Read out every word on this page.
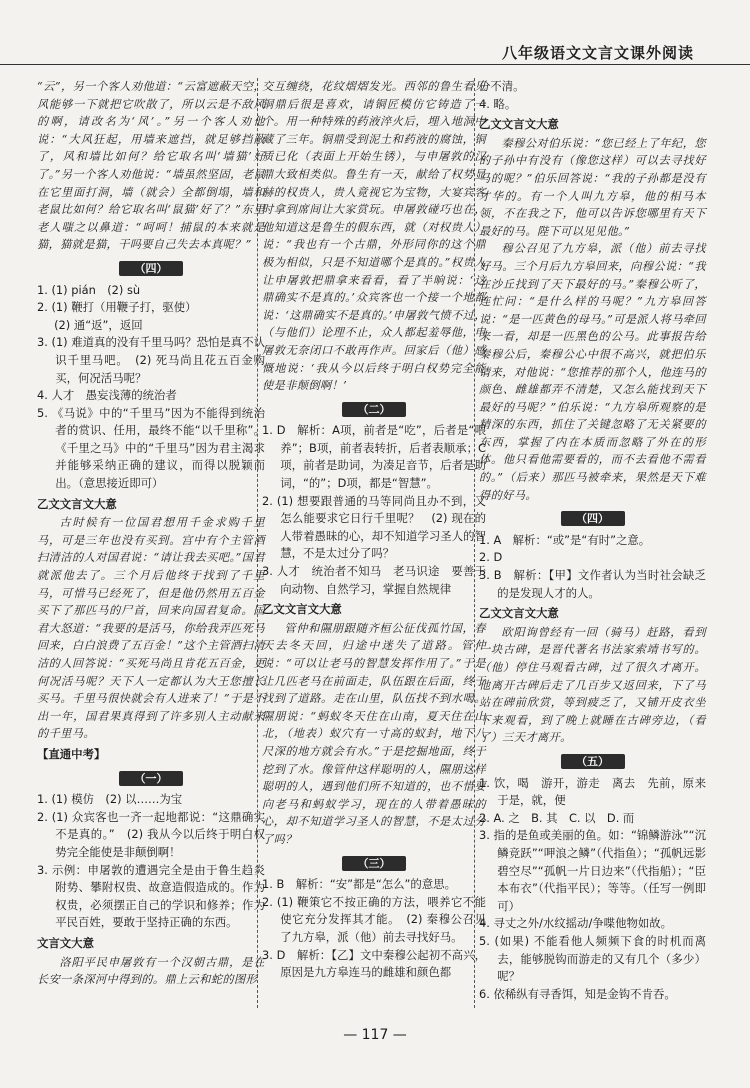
八年级语文文言文课外阅读

“云”，另一个客人劝他道：“云富遮蔽天空，风能够一下就把它吹散了，所以云是不敌风的啊，请改名为‘风’。”另一个客人劝他说：“大风狂起，用墙来遮挡，就足够挡蔽了，风和墙比如何？给它取名叫‘墙猫’好了。”另一个客人劝他说：“墙虽然坚固，老鼠在它里面打洞，墙（就会）全都倒塌，墙和老鼠比如何？给它取名叫‘鼠猫’好了？”东里老人嗤之以鼻道：“呵呵！捕鼠的本来就是猫，猫就是猫，干吗要自己失去本真呢？”

（四）

1. (1) pián　(2) sù

2. (1) 鞭打（用鞭子打，驱使）

(2) 通“返”，返回

3. (1) 难道真的没有千里马吗？恐怕是真不认识千里马吧。　(2) 死马尚且花五百金购买，何况活马呢？

4. 人才　愚妄浅薄的统治者

5. 《马说》中的“千里马”因为不能得到统治者的赏识、任用，最终不能“以千里称”。《千里之马》中的“千里马”因为君主渴求并能够采纳正确的建议，而得以脱颖而出。（意思接近即可）

乙文文言文大意

古时候有一位国君想用千金求购千里马，可是三年也没有买到。宫中有个主管酒扫清洁的人对国君说：“请让我去买吧。”国君就派他去了。三个月后他终于找到了千里马，可惜马已经死了，但是他仍然用五百金买下了那匹马的尸首，回来向国君复命。国君大怒道：“我要的是活马，你给我弄匹死马回来，白白浪费了五百金！”这个主管酒扫清洁的人回答说：“买死马尚且肯花五百金，更何况活马呢？天下人一定都认为大王您擅长买马。千里马很快就会有人进来了！”于是不出一年，国君果真得到了许多别人主动献来的千里马。

【直通中考】

（一）

1. (1) 模仿　(2) 以……为宝

2. (1) 众宾客也一齐一起地都说：“这鼎确实不是真的。”　(2) 我从今以后终于明白权势完全能使是非颠倒啊！

3. 示例：申屠敦的遭遇完全是由于鲁生趋炎附势、攀附权贵、故意造假造成的。作为权贵，必须摆正自己的学识和修养；作为平民百姓，要敢于坚持正确的东西。

文言文大意

洛阳平民申屠敦有一个汉朝古鼎，是在长安一条深河中得到的。鼎上云和蛇的图形

交互缠绕，花纹熠熠发光。西邻的鲁生看见铜鼎后很是喜欢，请铜匠模仿它铸造了一个。用一种特殊的药液淬火后，埋入地洞中藏了三年。铜鼎受到泥土和药液的腐蚀，铜质已化（表面上开始生锈），与申屠敦的汉鼎大致相类似。鲁生有一天，献给了权势显赫的权贵人，贵人竟视它为宝物，大宴宾客时拿到席间让大家赏玩。申屠敦碰巧也在，他知道这是鲁生的假东西，就（对权贵人）说：“我也有一个古鼎，外形同你的这个鼎极为相似，只是不知道哪个是真的。”权贵人让申屠敦把鼎拿来看看，看了半晌说：‘这鼎确实不是真的。’众宾客也一个接一个地都说：‘这鼎确实不是真的。’申屠敦气愤不过，（与他们）论理不止，众人都起羞辱他，申屠敦无奈闭口不敢再作声。回家后（他）感慨地说：‘我从今以后终于明白权势完全能使是非颠倒啊！’

（二）

1. D　解析：A项，前者是“吃”，后者是“喂养”；B项，前者表转折，后者表顺承；C项，前者是助词，为凑足音节，后者是助词，“的”；D项，都是“智慧”。

2. (1) 想要跟普通的马等同尚且办不到，又怎么能要求它日行千里呢？　(2) 现在的人带着愚昧的心，却不知道学习圣人的智慧，不是太过分了吗？

3. 人才　统治者不知马　老马识途　要善于向动物、自然学习，掌握自然规律

乙文文言文大意

管仲和隰朋跟随齐桓公征伐孤竹国，春天去冬天回，归途中迷失了道路。管仲说：“可以让老马的智慧发挥作用了。”于是让几匹老马在前面走，队伍跟在后面，终于找到了道路。走在山里，队伍找不到水喝。隰朋说：“蚂蚁冬天住在山南，夏天住在山北，（地表）蚁穴有一寸高的蚁封，地下八尺深的地方就会有水。”于是挖掘地面，终于挖到了水。像管仲这样聪明的人，隰朋这样聪明的人，遇到他们所不知道的，也不惜要向老马和蚂蚁学习，现在的人带着愚昧的心，却不知道学习圣人的智慧，不是太过分了吗？

（三）

1. B　解析：“安”都是“怎么”的意思。

2. (1) 鞭策它不按正确的方法，喂养它不能使它充分发挥其才能。　(2) 秦穆公召见了九方皋，派（他）前去寻找好马。

3. D　解析：【乙】文中秦穆公起初不高兴，原因是九方皋连马的雌雄和颜色都

分不清。

4. 略。

乙文文言文大意

秦穆公对伯乐说：“您已经上了年纪，您的子孙中有没有（像您这样）可以去寻找好马的呢？”伯乐回答说：“我的子孙都是没有才华的。有一个人叫九方皋，他的相马本领，不在我之下，他可以告诉您哪里有天下最好的马。陛下可以见见他。”

穆公召见了九方皋，派（他）前去寻找好马。三个月后九方皋回来，向穆公说：“我在沙丘找到了天下最好的马。”秦穆公听了，连忙问：“是什么样的马呢？”九方皋回答说：“是一匹黄色的母马。”可是派人将马牵回来一看，却是一匹黑色的公马。此事报告给秦穆公后，秦穆公心中很不高兴，就把伯乐请来，对他说：“您推荐的那个人，他连马的颜色、雌雄都弄不清楚，又怎么能找到天下最好的马呢？”伯乐说：“九方皋所观察的是精深的东西，抓住了关键忽略了无关紧要的东西，掌握了内在本质而忽略了外在的形体。他只看他需要看的，而不去看他不需看的。”（后来）那匹马被牵来，果然是天下难得的好马。

（四）

1. A　解析：“或”是“有时”之意。

2. D

3. B　解析：【甲】文作者认为当时社会缺乏的是发现人才的人。

乙文文言文大意

欧阳询曾经有一回（骑马）赶路，看到一块古碑，是晋代著名书法家索靖书写的。（他）停住马观看古碑，过了很久才离开。他离开古碑后走了几百步又返回来，下了马站在碑前欣赏，等到疲乏了，又铺开皮衣坐下来观看，到了晚上就睡在古碑旁边，（看了）三天才离开。

（五）

1. 饮，喝　游开，游走　离去　先前，原来　于是，就，便

2. A. 之　B. 其　C. 以　D. 而

3. 指的是鱼或美丽的鱼。如：“锦鳞游泳”“沉鳞竞跃”“呷浪之鳞”（代指鱼）；“孤帆远影碧空尽”“孤帆一片日边来”（代指船）；“臣本布衣”（代指平民）；等等。（任写一例即可）

4. 寻丈之外/水纹摇动/争喋他物如故。

5. (如果) 不能看他人频频下食的时机而离去，能够脱钩而游走的又有几个（多少）呢？

6. 依稀纵有寻香饵，知是金钩不肯吞。

— 117 —
